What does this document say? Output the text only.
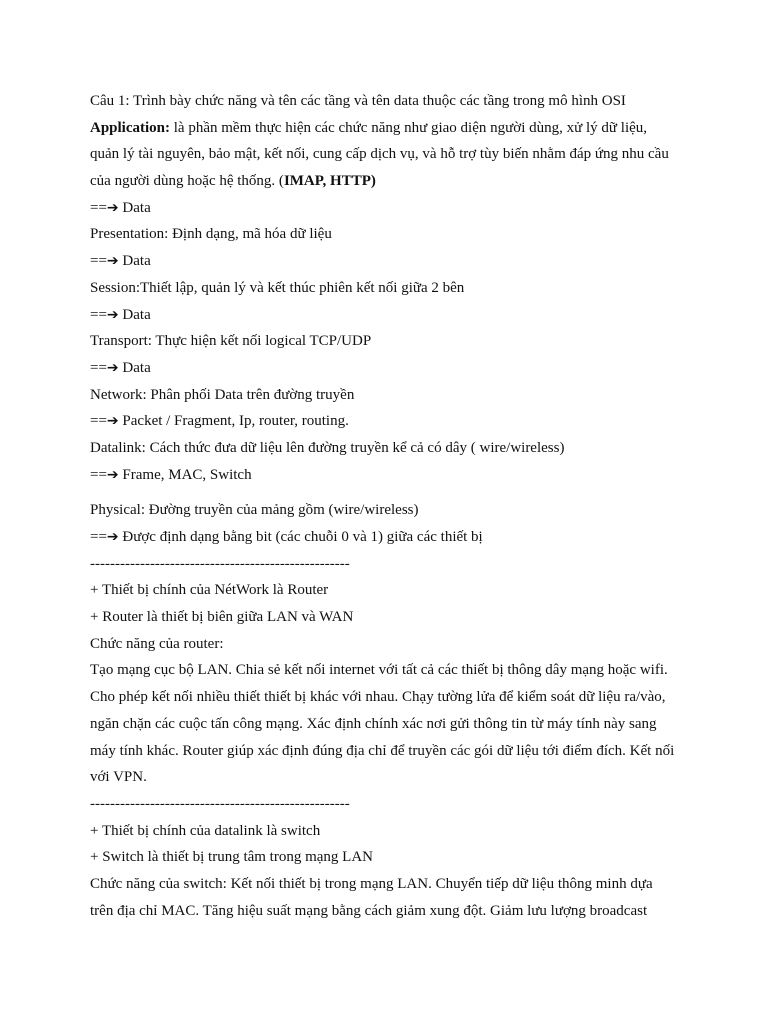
Câu 1: Trình bày chức năng và tên các tầng và tên data thuộc các tầng trong mô hình OSI
Application: là phần mềm thực hiện các chức năng như giao diện người dùng, xử lý dữ liệu,
quản lý tài nguyên, bảo mật, kết nối, cung cấp dịch vụ, và hỗ trợ tùy biến nhằm đáp ứng nhu cầu
của người dùng hoặc hệ thống. (IMAP, HTTP)
==➔ Data
Presentation: Định dạng, mã hóa dữ liệu
==➔ Data
Session:Thiết lập, quản lý và kết thúc phiên kết nối giữa 2 bên
==➔ Data
Transport: Thực hiện kết nối logical TCP/UDP
==➔ Data
Network: Phân phối Data trên đường truyền
==➔ Packet / Fragment, Ip, router, routing.
Datalink: Cách thức đưa dữ liệu lên đường truyền kể cả có dây ( wire/wireless)
==➔ Frame, MAC, Switch
Physical: Đường truyền của mảng gồm (wire/wireless)
==➔ Được định dạng bằng bit (các chuỗi 0 và 1) giữa các thiết bị
----------------------------------------------------
+ Thiết bị chính của NétWork là Router
+ Router là thiết bị biên giữa LAN và WAN
Chức năng của router:
Tạo mạng cục bộ LAN. Chia sẻ kết nối internet với tất cả các thiết bị thông dây mạng hoặc wifi.
Cho phép kết nối nhiều thiết thiết bị khác với nhau. Chạy tường lửa để kiểm soát dữ liệu ra/vào,
ngăn chặn các cuộc tấn công mạng. Xác định chính xác nơi gửi thông tin từ máy tính này sang
máy tính khác. Router giúp xác định đúng địa chỉ để truyền các gói dữ liệu tới điểm đích. Kết nối
với VPN.
----------------------------------------------------
+ Thiết bị chính của datalink là switch
+ Switch là thiết bị trung tâm trong mạng LAN
Chức năng của switch: Kết nối thiết bị trong mạng LAN. Chuyển tiếp dữ liệu thông minh dựa
trên địa chỉ MAC. Tăng hiệu suất mạng bằng cách giảm xung đột. Giảm lưu lượng broadcast
